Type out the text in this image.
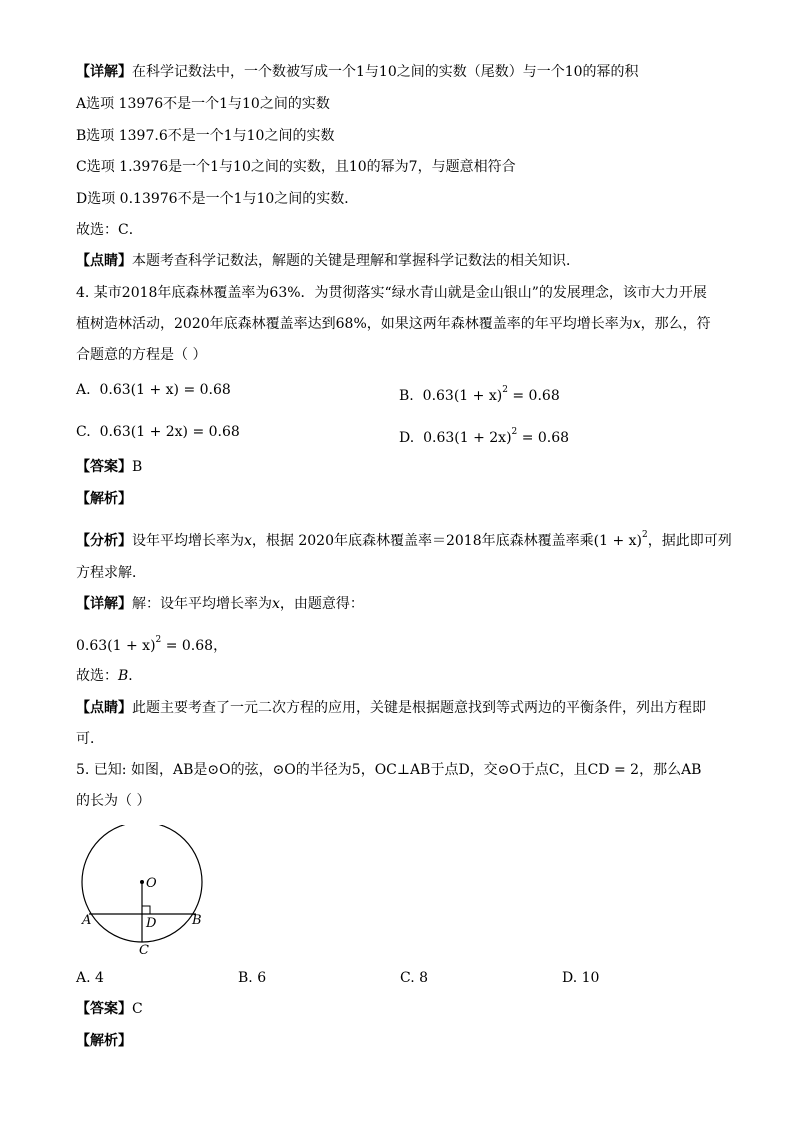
【详解】在科学记数法中，一个数被写成一个1与10之间的实数（尾数）与一个10的幂的积
A选项 13976不是一个1与10之间的实数
B选项 1397.6不是一个1与10之间的实数
C选项 1.3976是一个1与10之间的实数，且10的幂为7，与题意相符合
D选项 0.13976不是一个1与10之间的实数．
故选：C．
【点睛】本题考查科学记数法，解题的关键是理解和掌握科学记数法的相关知识．
4. 某市2018年底森林覆盖率为63%．为贯彻落实“绿水青山就是金山银山”的发展理念，该市大力开展
植树造林活动，2020年底森林覆盖率达到68%，如果这两年森林覆盖率的年平均增长率为x，那么，符
合题意的方程是（ ）
A. 0.63(1 + x) = 0.68	B. $0.63(1 + x)^2 = 0.68$
C. 0.63(1 + 2x) = 0.68	D. $0.63(1 + 2x)^2 = 0.68$
【答案】B
【解析】
【分析】设年平均增长率为x，根据 2020年底森林覆盖率＝2018年底森林覆盖率乘$(1 + x)^2$，据此即可列
方程求解．
【详解】解：设年平均增长率为x，由题意得：
$0.63(1 + x)^2 = 0.68$，
故选：B．
【点睛】此题主要考查了一元二次方程的应用，关键是根据题意找到等式两边的平衡条件，列出方程即
可．
5. 已知: 如图，AB是⊙O的弦，⊙O的半径为5，OC⊥AB于点D，交⊙O于点C，且CD = 2，那么AB
的长为（ ）
O
A	B
D
C
A. 4	B. 6	C. 8	D. 10
【答案】C
【解析】
